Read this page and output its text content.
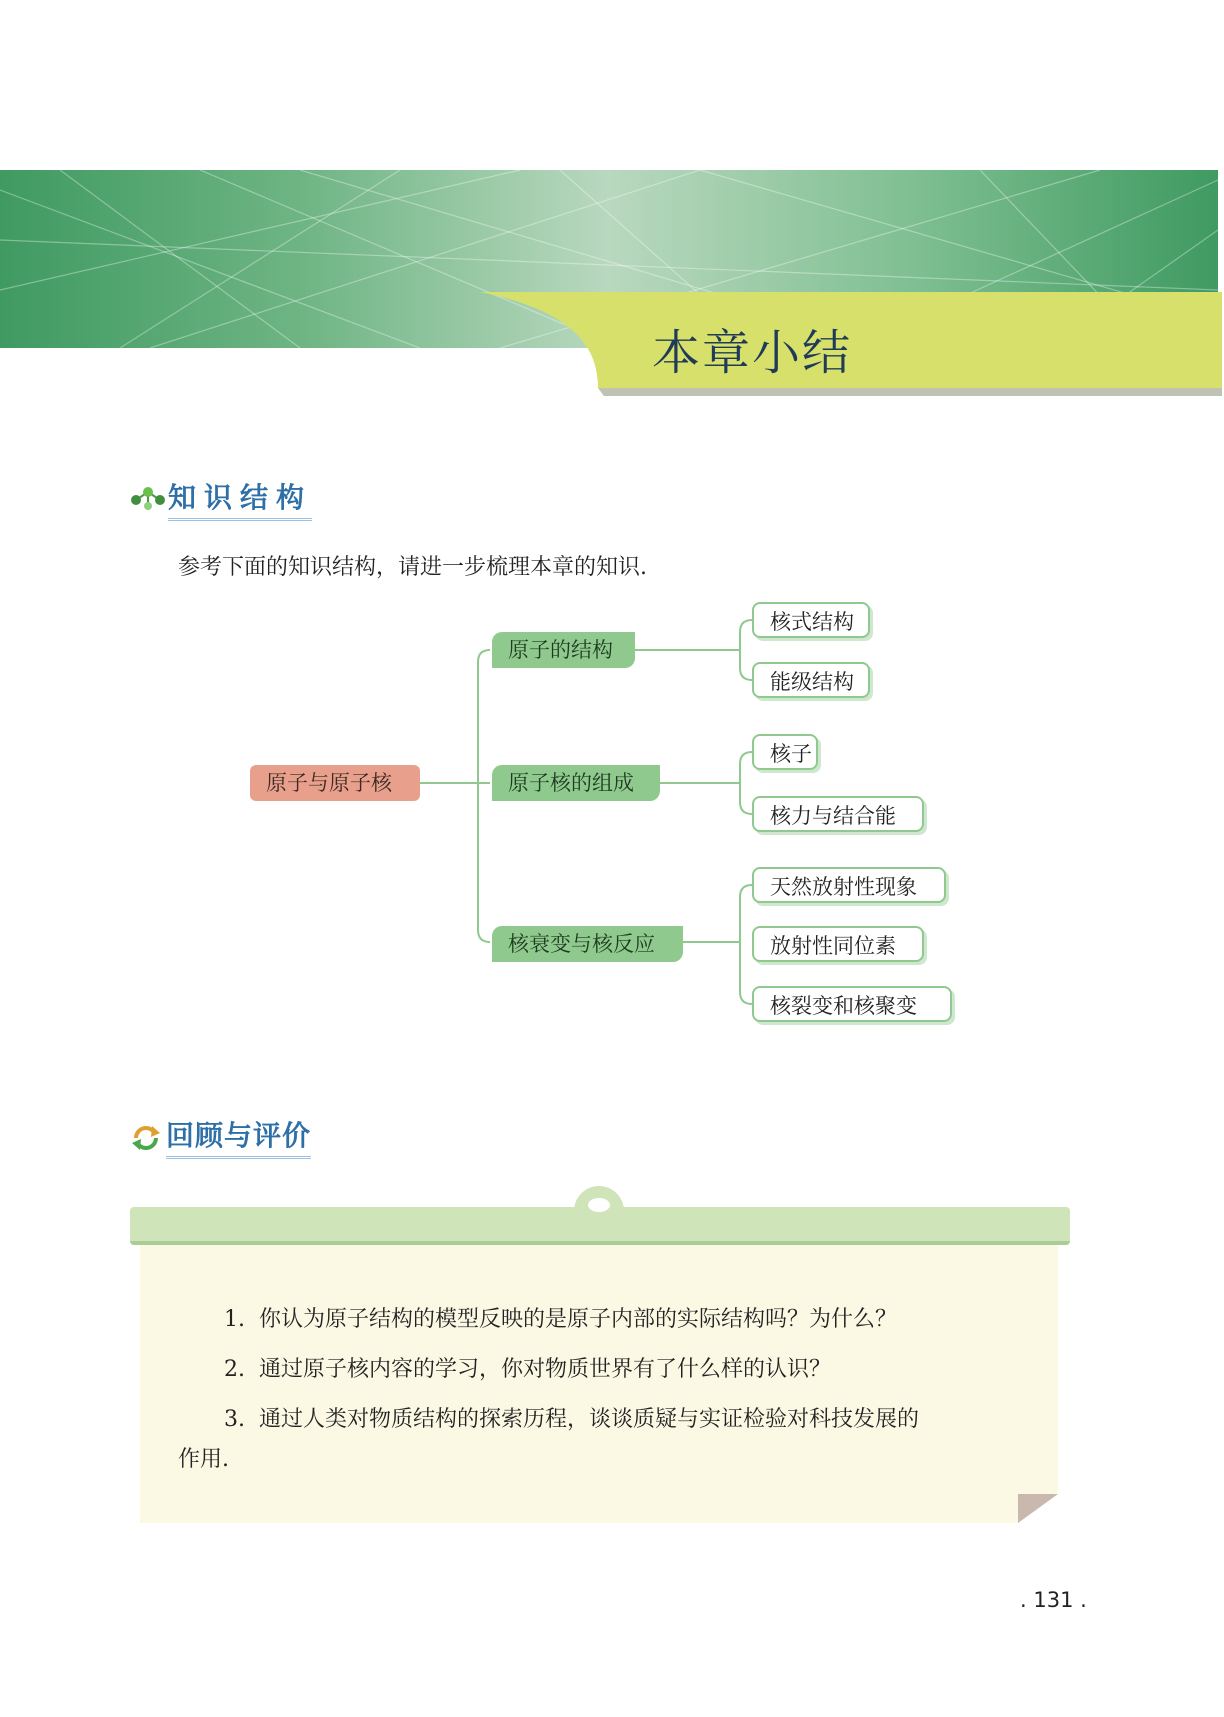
本章小结
知识结构
参考下面的知识结构，请进一步梳理本章的知识.
原子与原子核
原子的结构
原子核的组成
核衰变与核反应
核式结构
能级结构
核子
核力与结合能
天然放射性现象
放射性同位素
核裂变和核聚变
回顾与评价
1. 你认为原子结构的模型反映的是原子内部的实际结构吗？为什么？
2. 通过原子核内容的学习，你对物质世界有了什么样的认识？
3. 通过人类对物质结构的探索历程，谈谈质疑与实证检验对科技发展的
作用.
. 131 .
